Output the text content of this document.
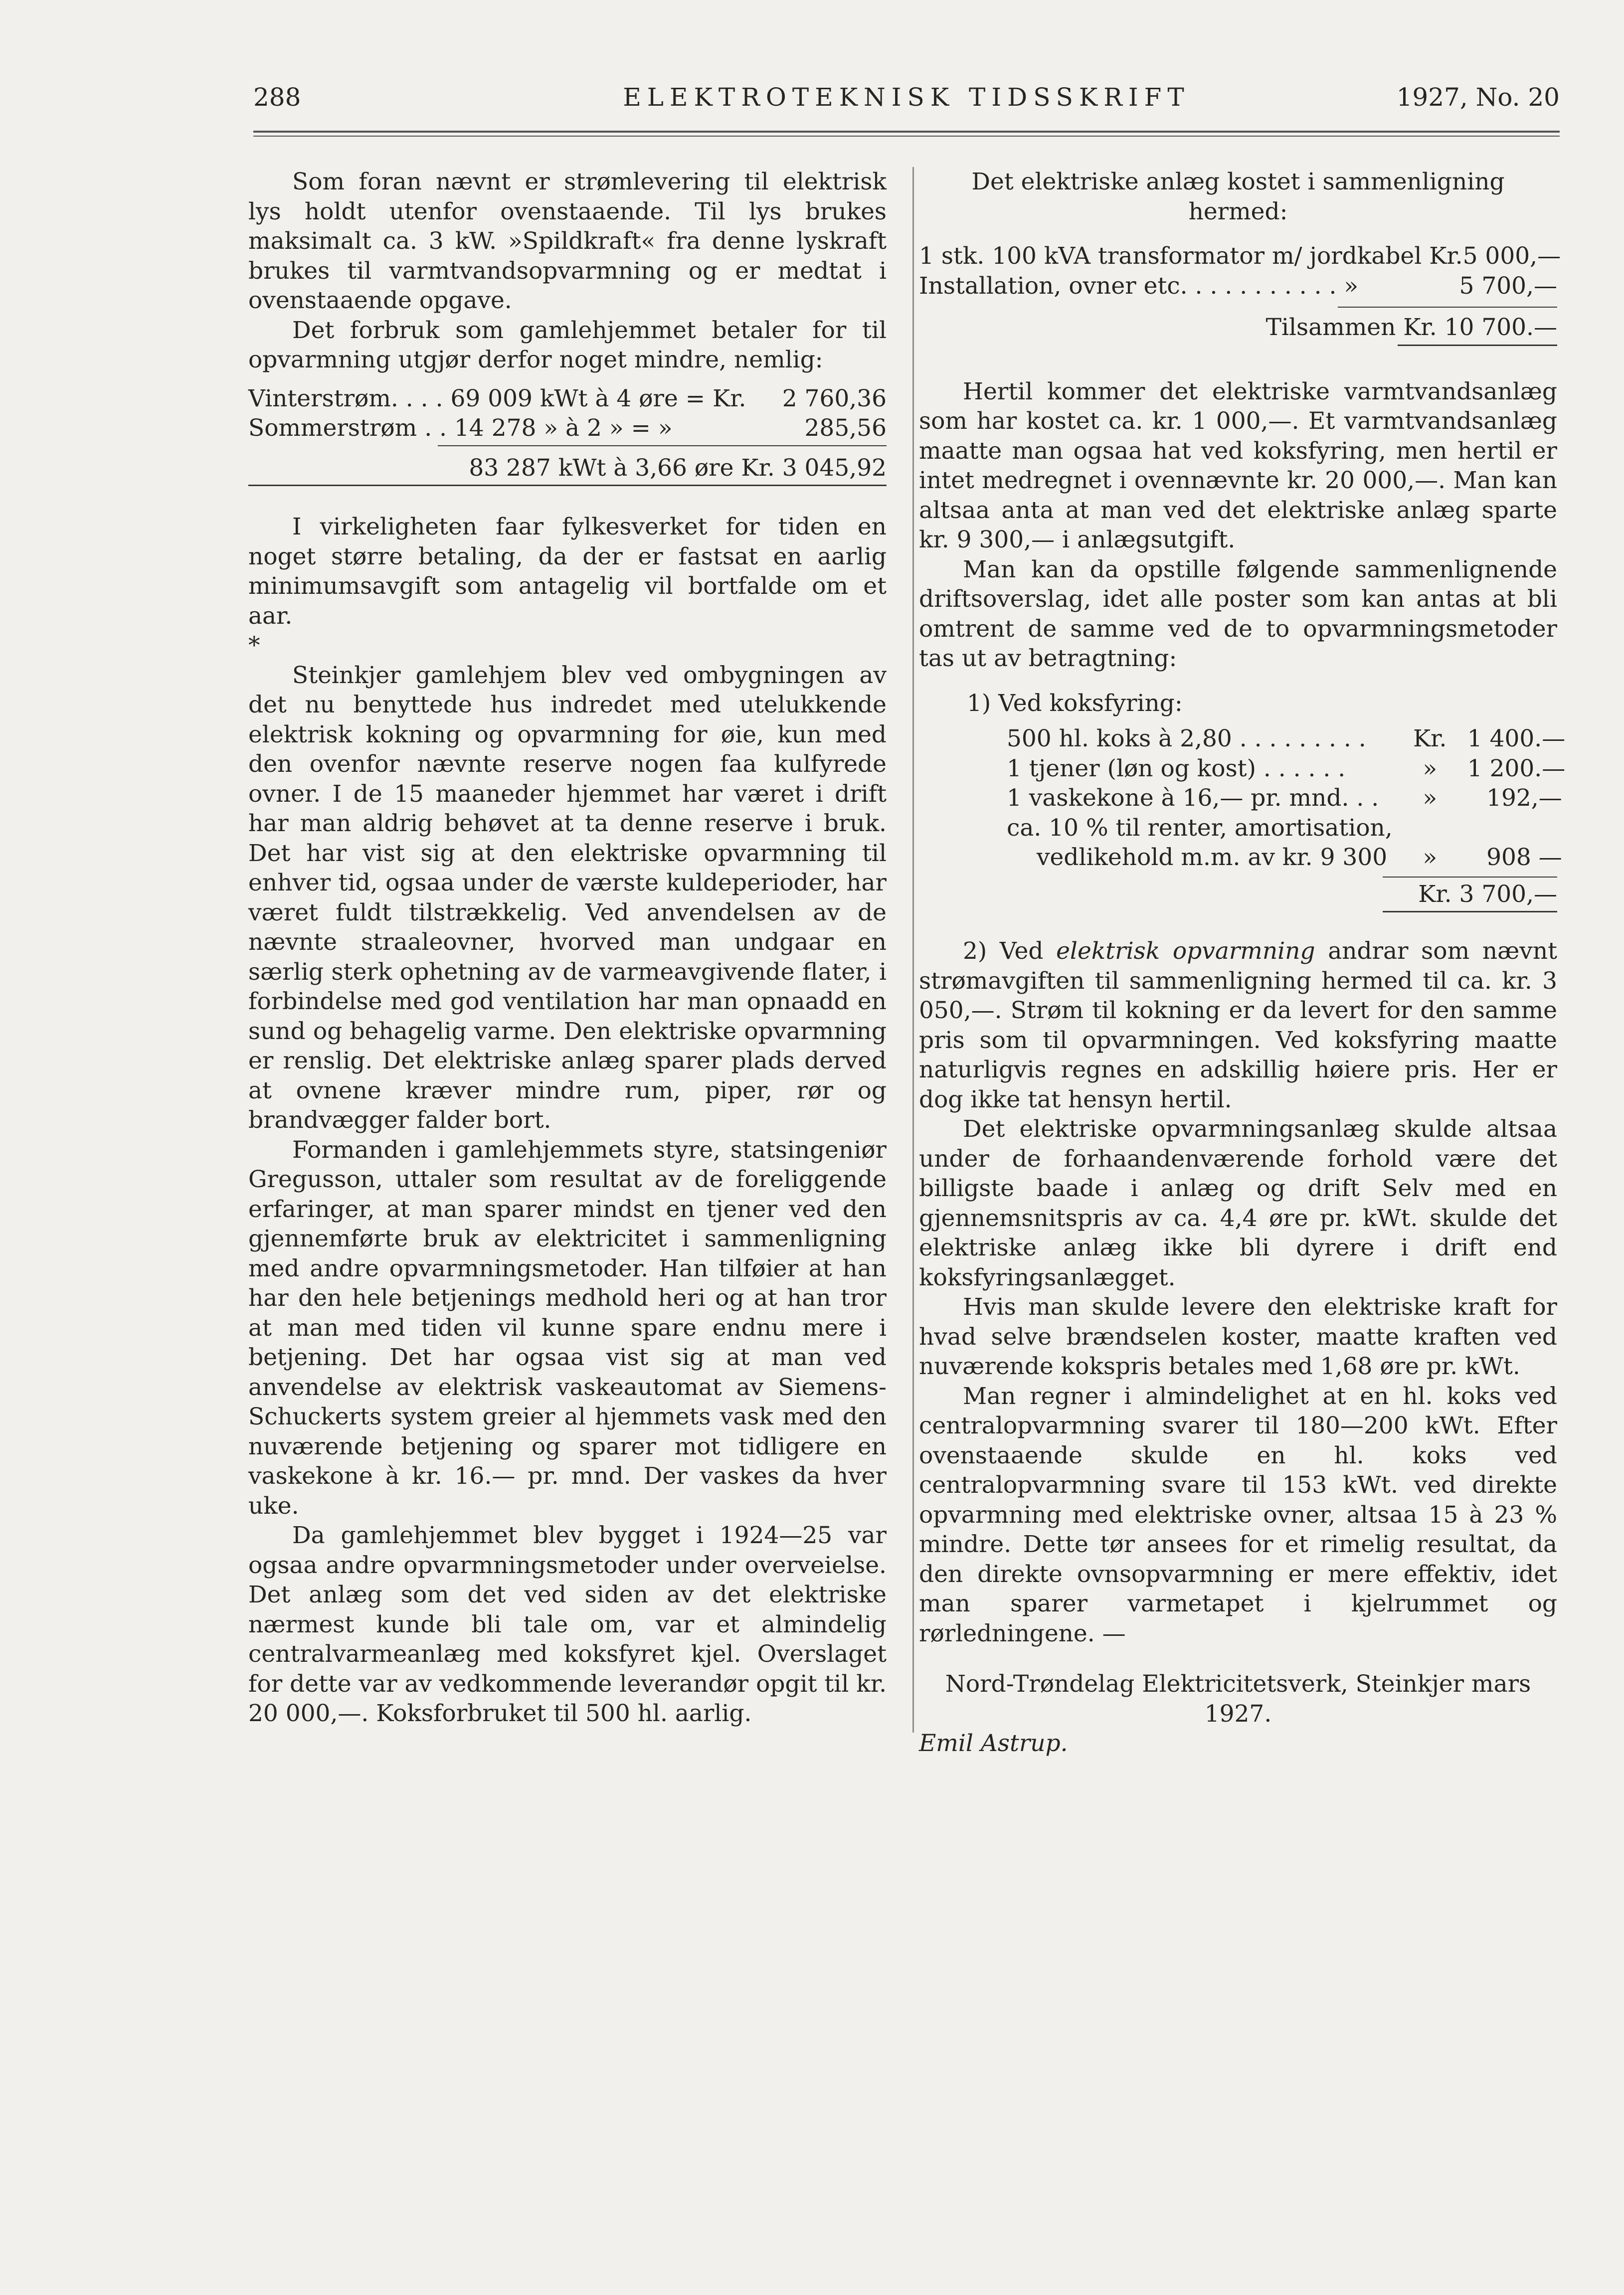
ELEKTROTEKNISK TIDSSKRIFT
288	1927, No. 20

Som foran nævnt er strømlevering til elektrisk lys holdt utenfor ovenstaaende. Til lys brukes maksimalt ca. 3 kW. »Spildkraft« fra denne lyskraft brukes til varmtvandsopvarmning og er medtat i ovenstaaende opgave.

Det forbruk som gamlehjemmet betaler for til opvarmning utgjør derfor noget mindre, nemlig:

Vinterstrøm. . . . 69 009 kWt à 4 øre = Kr. 2 760,36
Sommerstrøm . . 14 278 » à 2 » = »	285,56

83 287 kWt à 3,66 øre Kr. 3 045,92

I virkeligheten faar fylkesverket for tiden en noget større betaling, da der er fastsat en aarlig minimumsavgift som antagelig vil bortfalde om et aar.

*

Steinkjer gamlehjem blev ved ombygningen av det nu benyttede hus indredet med utelukkende elektrisk kokning og opvarmning for øie, kun med den ovenfor nævnte reserve nogen faa kulfyrede ovner. I de 15 maaneder hjemmet har været i drift har man aldrig behøvet at ta denne reserve i bruk. Det har vist sig at den elektriske opvarmning til enhver tid, ogsaa under de værste kuldeperioder, har været fuldt tilstrækkelig. Ved anvendelsen av de nævnte straaleovner, hvorved man undgaar en særlig sterk ophetning av de varmeavgivende flater, i forbindelse med god ventilation har man opnaadd en sund og behagelig varme. Den elektriske opvarmning er renslig. Det elektriske anlæg sparer plads derved at ovnene kræver mindre rum, piper, rør og brandvægger falder bort.

Formanden i gamlehjemmets styre, statsingeniør Gregusson, uttaler som resultat av de foreliggende erfaringer, at man sparer mindst en tjener ved den gjennemførte bruk av elektricitet i sammenligning med andre opvarmningsmetoder. Han tilføier at han har den hele betjenings medhold heri og at han tror at man med tiden vil kunne spare endnu mere i betjening. Det har ogsaa vist sig at man ved anvendelse av elektrisk vaskeautomat av Siemens-Schuckerts system greier al hjemmets vask med den nuværende betjening og sparer mot tidligere en vaskekone à kr. 16.— pr. mnd. Der vaskes da hver uke.

Da gamlehjemmet blev bygget i 1924—25 var ogsaa andre opvarmningsmetoder under overveielse. Det anlæg som det ved siden av det elektriske nærmest kunde bli tale om, var et almindelig centralvarmeanlæg med koksfyret kjel. Overslaget for dette var av vedkommende leverandør opgit til kr. 20 000,—. Koksforbruket til 500 hl. aarlig.

Det elektriske anlæg kostet i sammenligning hermed:

1 stk. 100 kVA transformator m/ jordkabel Kr. 5 000,—
Installation, ovner etc. . . . . . . . . . . »	5 700,—

Tilsammen Kr. 10 700.—

Hertil kommer det elektriske varmtvandsanlæg som har kostet ca. kr. 1 000,—. Et varmtvandsanlæg maatte man ogsaa hat ved koksfyring, men hertil er intet medregnet i ovennævnte kr. 20 000,—. Man kan altsaa anta at man ved det elektriske anlæg sparte kr. 9 300,— i anlægsutgift.

Man kan da opstille følgende sammenlignende driftsoverslag, idet alle poster som kan antas at bli omtrent de samme ved de to opvarmningsmetoder tas ut av betragtning:

1) Ved koksfyring:

500 hl. koks à 2,80 . . . . . . . . .	Kr. 1 400.—
1 tjener (løn og kost) . . . . . .	»	1 200.—
1 vaskekone à 16,— pr. mnd. . .	»	192,—
ca. 10 % til renter, amortisation,
vedlikehold m.m. av kr. 9 300	»	908 —

Kr. 3 700,—

2) Ved elektrisk opvarmning andrar som nævnt strømavgiften til sammenligning hermed til ca. kr. 3 050,—. Strøm til kokning er da levert for den samme pris som til opvarmningen. Ved koksfyring maatte naturligvis regnes en adskillig høiere pris. Her er dog ikke tat hensyn hertil.

Det elektriske opvarmningsanlæg skulde altsaa under de forhaandenværende forhold være det billigste baade i anlæg og drift Selv med en gjennemsnitspris av ca. 4,4 øre pr. kWt. skulde det elektriske anlæg ikke bli dyrere i drift end koksfyringsanlægget.

Hvis man skulde levere den elektriske kraft for hvad selve brændselen koster, maatte kraften ved nuværende kokspris betales med 1,68 øre pr. kWt.

Man regner i almindelighet at en hl. koks ved centralopvarmning svarer til 180—200 kWt. Efter ovenstaaende skulde en hl. koks ved centralopvarmning svare til 153 kWt. ved direkte opvarmning med elektriske ovner, altsaa 15 à 23 % mindre. Dette tør ansees for et rimelig resultat, da den direkte ovnsopvarmning er mere effektiv, idet man sparer varmetapet i kjelrummet og rørledningene. —

Nord-Trøndelag Elektricitetsverk, Steinkjer mars 1927.

Emil Astrup.
